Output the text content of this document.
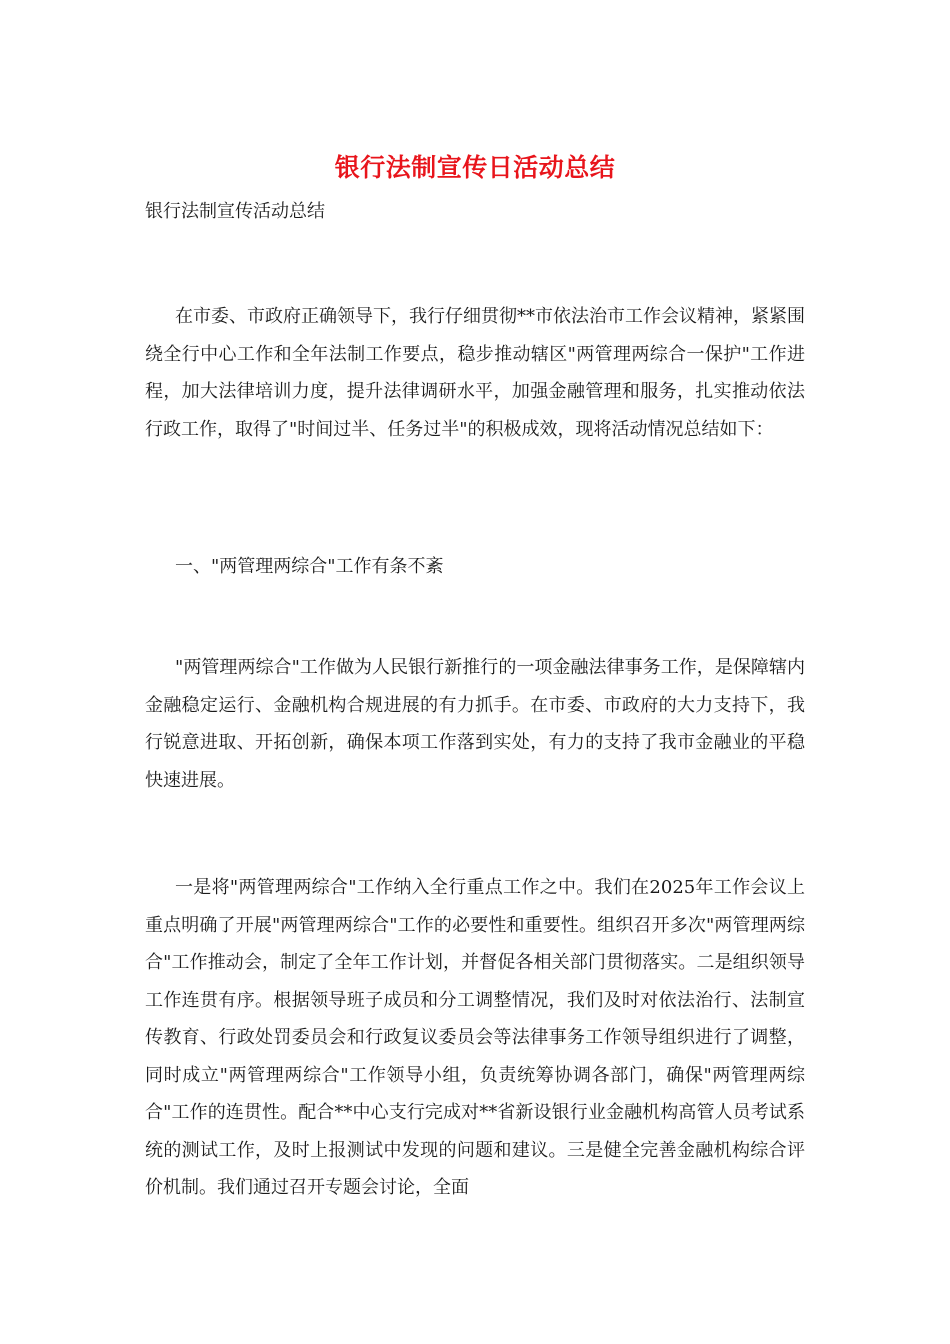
银行法制宣传日活动总结
银行法制宣传活动总结

在市委、市政府正确领导下，我行仔细贯彻**市依法治市工作会议精神，紧紧围绕全行中心工作和全年法制工作要点，稳步推动辖区"两管理两综合一保护"工作进程，加大法律培训力度，提升法律调研水平，加强金融管理和服务，扎实推动依法行政工作，取得了"时间过半、任务过半"的积极成效，现将活动情况总结如下：

一、"两管理两综合"工作有条不紊

"两管理两综合"工作做为人民银行新推行的一项金融法律事务工作，是保障辖内金融稳定运行、金融机构合规进展的有力抓手。在市委、市政府的大力支持下，我行锐意进取、开拓创新，确保本项工作落到实处，有力的支持了我市金融业的平稳快速进展。

一是将"两管理两综合"工作纳入全行重点工作之中。我们在2025年工作会议上重点明确了开展"两管理两综合"工作的必要性和重要性。组织召开多次"两管理两综合"工作推动会，制定了全年工作计划，并督促各相关部门贯彻落实。二是组织领导工作连贯有序。根据领导班子成员和分工调整情况，我们及时对依法治行、法制宣传教育、行政处罚委员会和行政复议委员会等法律事务工作领导组织进行了调整，同时成立"两管理两综合"工作领导小组，负责统筹协调各部门，确保"两管理两综合"工作的连贯性。配合**中心支行完成对**省新设银行业金融机构高管人员考试系统的测试工作，及时上报测试中发现的问题和建议。三是健全完善金融机构综合评价机制。我们通过召开专题会讨论，全面
